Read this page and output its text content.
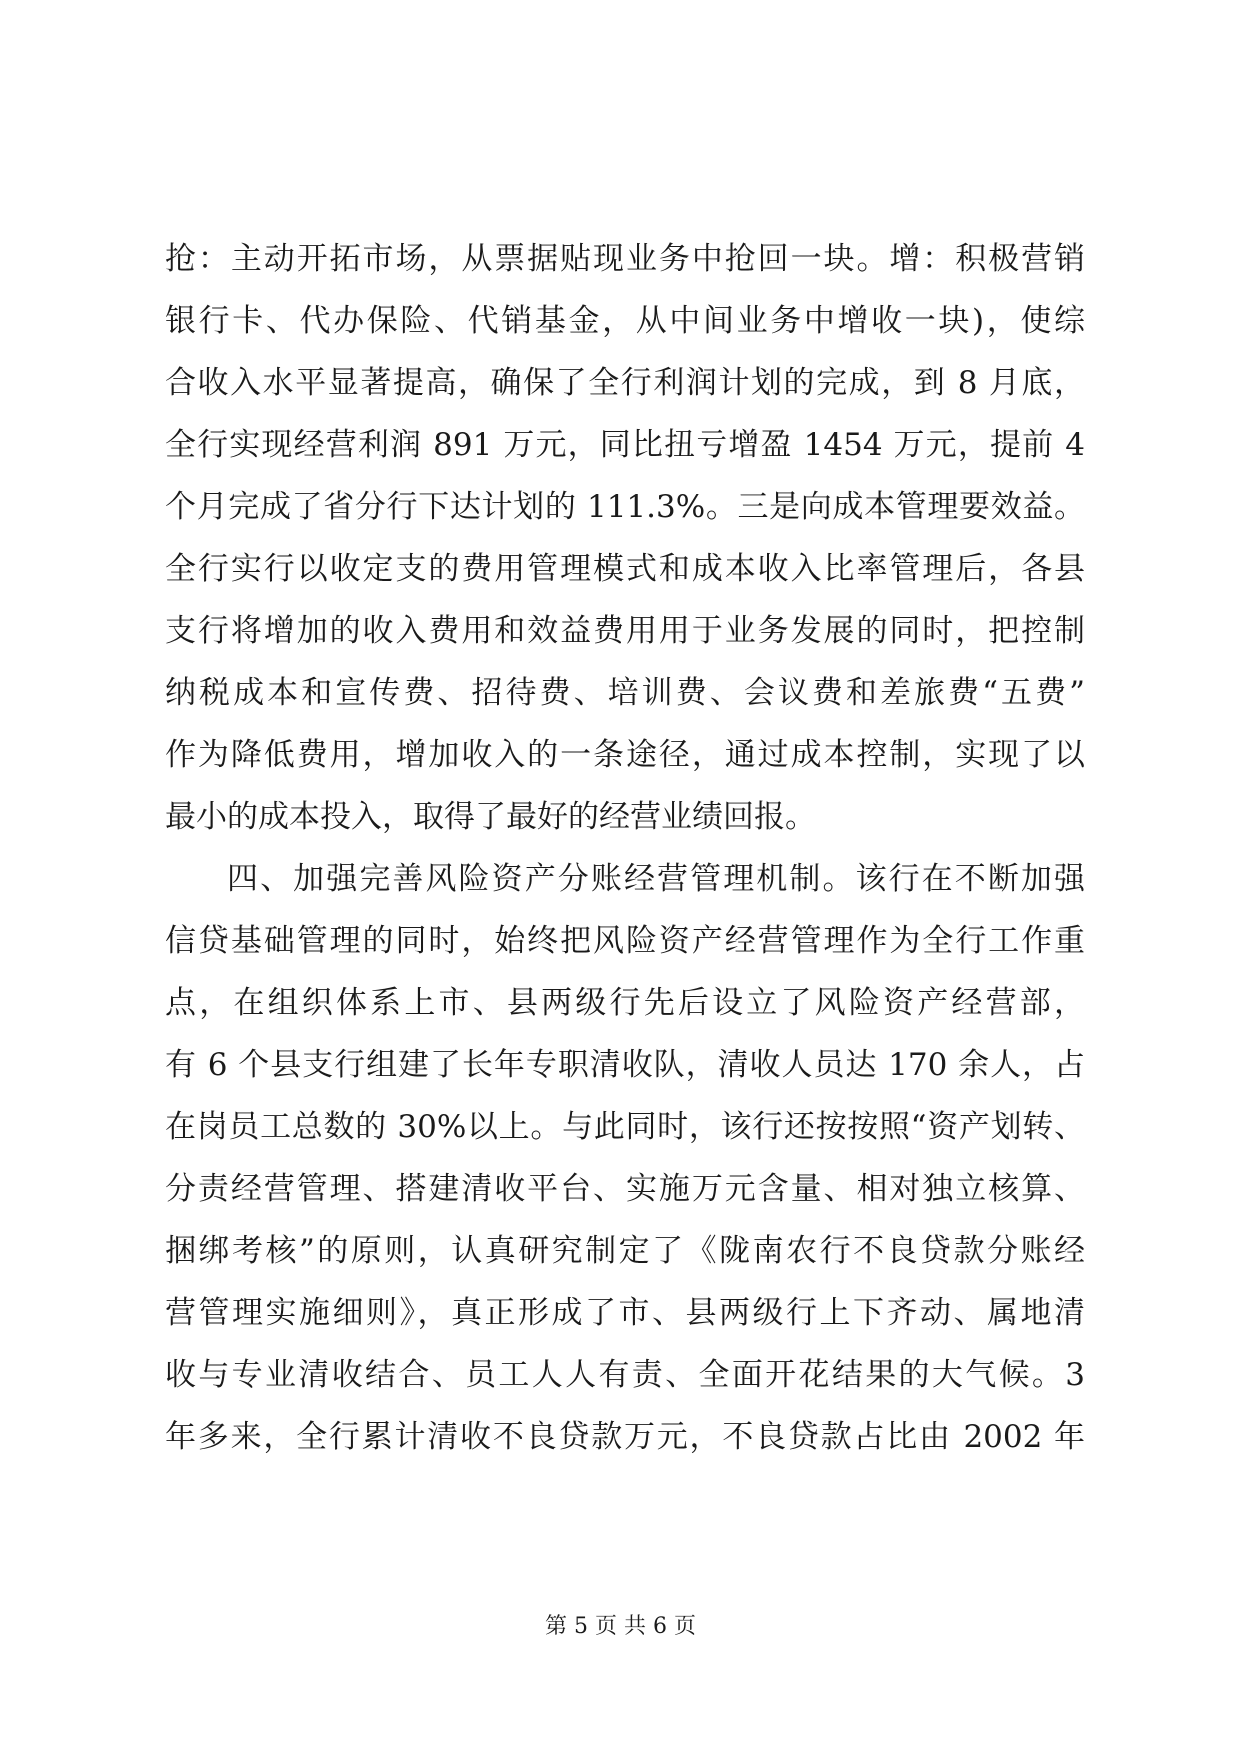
抢：主动开拓市场，从票据贴现业务中抢回一块。增：积极营销
银行卡、代办保险、代销基金，从中间业务中增收一块)，使综
合收入水平显著提高，确保了全行利润计划的完成，到 8 月底，
全行实现经营利润 891 万元，同比扭亏增盈 1454 万元，提前 4
个月完成了省分行下达计划的 111.3%。三是向成本管理要效益。
全行实行以收定支的费用管理模式和成本收入比率管理后，各县
支行将增加的收入费用和效益费用用于业务发展的同时，把控制
纳税成本和宣传费、招待费、培训费、会议费和差旅费“五费”
作为降低费用，增加收入的一条途径，通过成本控制，实现了以
最小的成本投入，取得了最好的经营业绩回报。
四、加强完善风险资产分账经营管理机制。该行在不断加强
信贷基础管理的同时，始终把风险资产经营管理作为全行工作重
点，在组织体系上市、县两级行先后设立了风险资产经营部，
有 6 个县支行组建了长年专职清收队，清收人员达 170 余人，占
在岗员工总数的 30%以上。与此同时，该行还按按照“资产划转、
分责经营管理、搭建清收平台、实施万元含量、相对独立核算、
捆绑考核”的原则，认真研究制定了《陇南农行不良贷款分账经
营管理实施细则》，真正形成了市、县两级行上下齐动、属地清
收与专业清收结合、员工人人有责、全面开花结果的大气候。3
年多来，全行累计清收不良贷款万元，不良贷款占比由 2002 年
第 5 页 共 6 页
